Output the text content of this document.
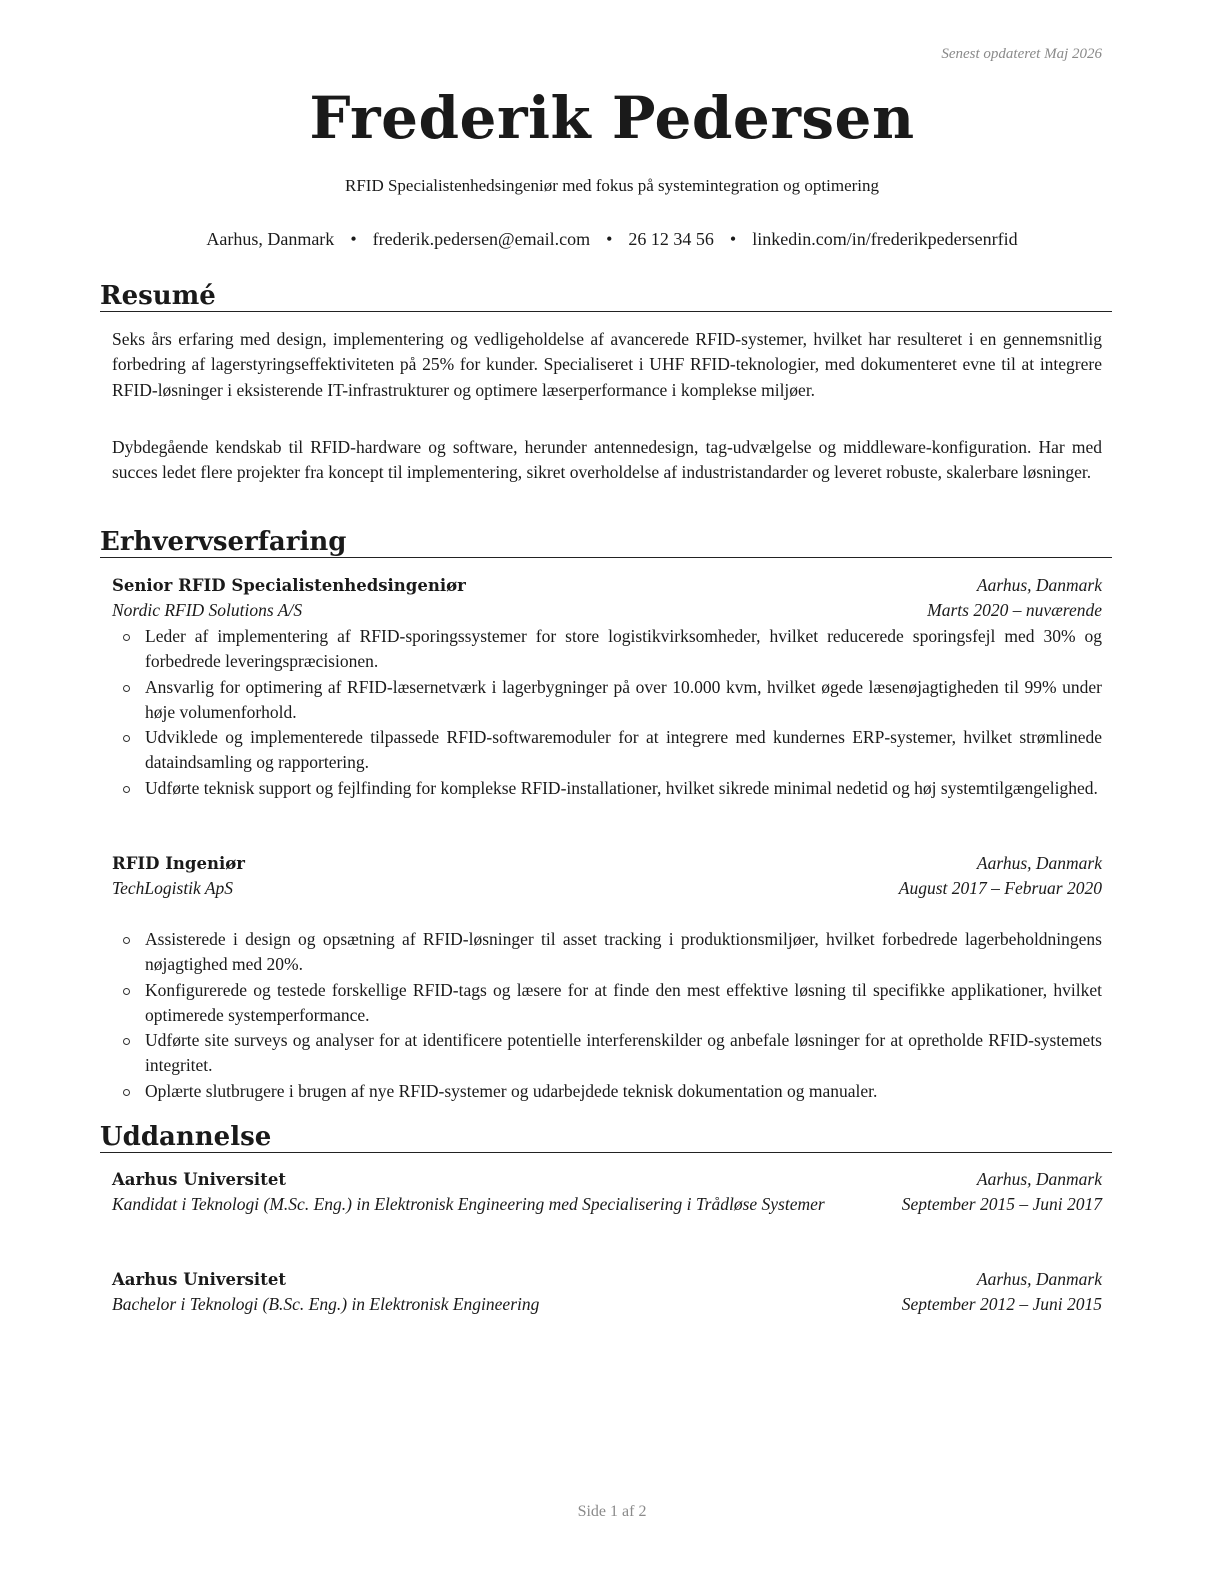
Senest opdateret Maj 2026
Frederik Pedersen
RFID Specialistenhedsingeniør med fokus på systemintegration og optimering
Aarhus, Danmark • frederik.pedersen@email.com • 26 12 34 56 • linkedin.com/in/frederikpedersenrfid
Resumé

Seks års erfaring med design, implementering og vedligeholdelse af avancerede RFID-systemer, hvilket har resulteret i en gennemsnitlig forbedring af lagerstyringseffektiviteten på 25% for kunder. Specialiseret i UHF RFID-teknologier, med dokumenteret evne til at integrere RFID-løsninger i eksisterende IT-infrastrukturer og optimere læserperformance i komplekse miljøer.

Dybdegående kendskab til RFID-hardware og software, herunder antennedesign, tag-udvælgelse og middleware-konfiguration. Har med succes ledet flere projekter fra koncept til implementering, sikret overholdelse af industristandarder og leveret robuste, skalerbare løsninger.

Erhvervserfaring
Senior RFID Specialistenhedsingeniør	Aarhus, Danmark
Nordic RFID Solutions A/S	Marts 2020 – nuværende
Leder af implementering af RFID-sporingssystemer for store logistikvirksomheder, hvilket reducerede sporingsfejl med 30% og forbedrede leveringspræcisionen.
Ansvarlig for optimering af RFID-læsernetværk i lagerbygninger på over 10.000 kvm, hvilket øgede læsenøjagtigheden til 99% under høje volumenforhold.
Udviklede og implementerede tilpassede RFID-softwaremoduler for at integrere med kundernes ERP-systemer, hvilket strømlinede dataindsamling og rapportering.
Udførte teknisk support og fejlfinding for komplekse RFID-installationer, hvilket sikrede minimal nedetid og høj systemtilgængelighed.
RFID Ingeniør	Aarhus, Danmark
TechLogistik ApS	August 2017 – Februar 2020
Assisterede i design og opsætning af RFID-løsninger til asset tracking i produktionsmiljøer, hvilket forbedrede lagerbeholdningens nøjagtighed med 20%.
Konfigurerede og testede forskellige RFID-tags og læsere for at finde den mest effektive løsning til specifikke applikationer, hvilket optimerede systemperformance.
Udførte site surveys og analyser for at identificere potentielle interferenskilder og anbefale løsninger for at opretholde RFID-systemets integritet.
Oplærte slutbrugere i brugen af nye RFID-systemer og udarbejdede teknisk dokumentation og manualer.
Uddannelse
Aarhus Universitet	Aarhus, Danmark
Kandidat i Teknologi (M.Sc. Eng.) in Elektronisk Engineering med Specialisering i Trådløse Systemer	September 2015 – Juni 2017
Aarhus Universitet	Aarhus, Danmark
Bachelor i Teknologi (B.Sc. Eng.) in Elektronisk Engineering	September 2012 – Juni 2015
Side 1 af 2
